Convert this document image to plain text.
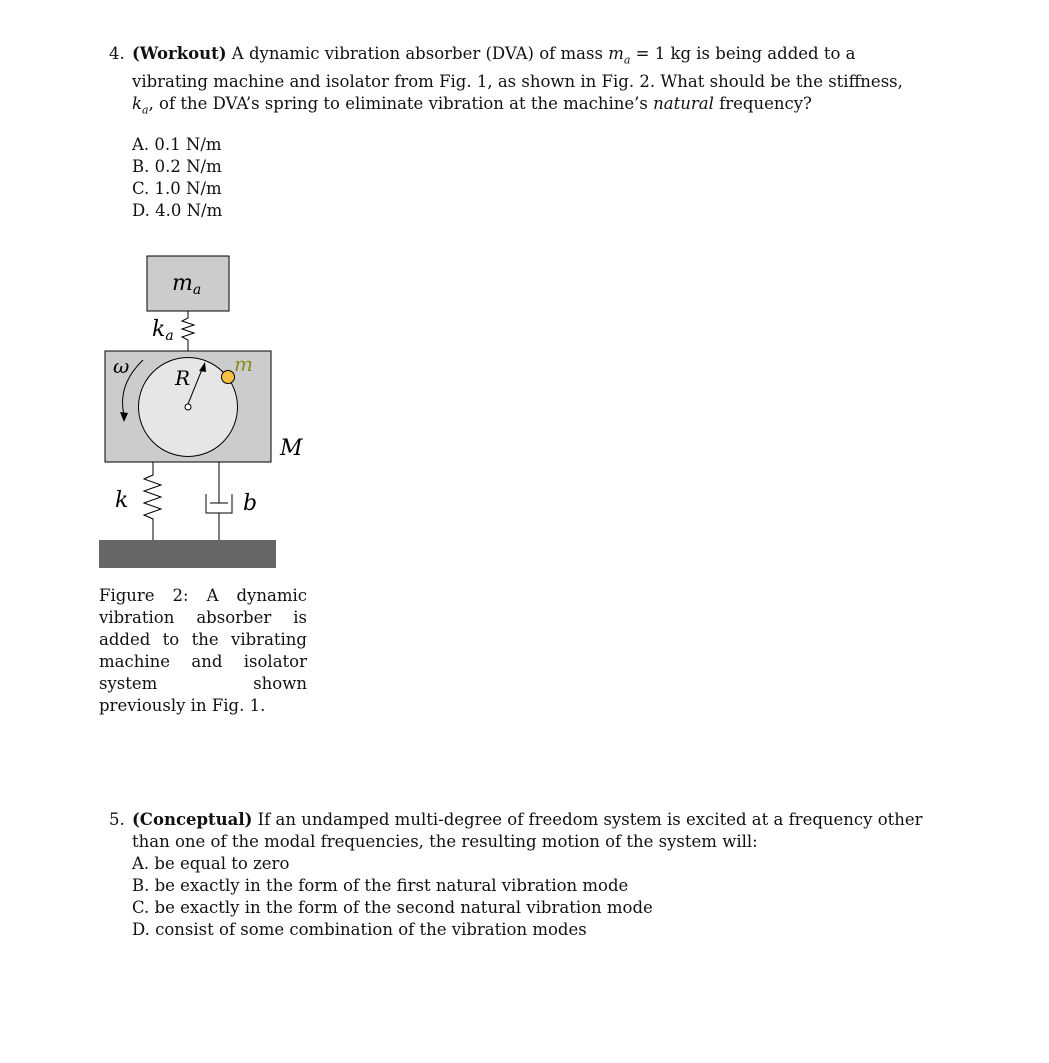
4. (Workout) A dynamic vibration absorber (DVA) of mass $m_a = 1$ kg is being added to a vibrating machine and isolator from Fig. 1, as shown in Fig. 2. What should be the stiffness, $k_a$, of the DVA’s spring to eliminate vibration at the machine’s natural frequency?
A. 0.1 N/m
B. 0.2 N/m
C. 1.0 N/m
D. 4.0 N/m
ma
ka
R
m
ω
M
k	b
Figure 2: A dynamic vibration absorber is added to the vibrating machine and isolator system shown previously in Fig. 1.
5. (Conceptual) If an undamped multi-degree of freedom system is excited at a frequency other than one of the modal frequencies, the resulting motion of the system will:
A. be equal to zero
B. be exactly in the form of the first natural vibration mode
C. be exactly in the form of the second natural vibration mode
D. consist of some combination of the vibration modes
